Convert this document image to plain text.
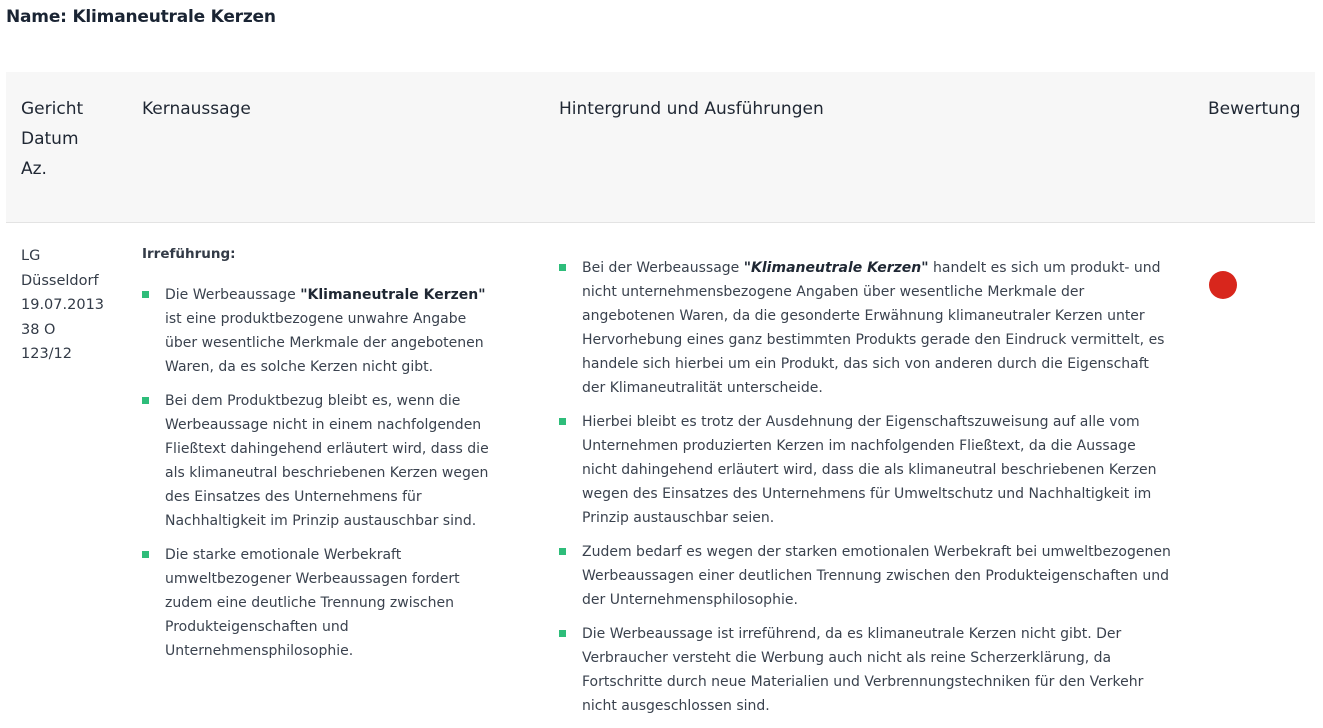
Name: Klimaneutrale Kerzen
Gericht
Datum
Az.
Kernaussage	Hintergrund und Ausführungen	Bewertung
LG
Düsseldorf
19.07.2013
38 O
123/12
Irreführung:
Die Werbeaussage "Klimaneutrale Kerzen" ist eine produktbezogene unwahre Angabe über wesentliche Merkmale der angebotenen Waren, da es solche Kerzen nicht gibt.
Bei dem Produktbezug bleibt es, wenn die Werbeaussage nicht in einem nachfolgenden Fließtext dahingehend erläutert wird, dass die als klimaneutral beschriebenen Kerzen wegen des Einsatzes des Unternehmens für Nachhaltigkeit im Prinzip austauschbar sind.
Die starke emotionale Werbekraft umweltbezogener Werbeaussagen fordert zudem eine deutliche Trennung zwischen Produkteigenschaften und Unternehmensphilosophie.
Bei der Werbeaussage "Klimaneutrale Kerzen" handelt es sich um produkt- und nicht unternehmensbezogene Angaben über wesentliche Merkmale der angebotenen Waren, da die gesonderte Erwähnung klimaneutraler Kerzen unter Hervorhebung eines ganz bestimmten Produkts gerade den Eindruck vermittelt, es handele sich hierbei um ein Produkt, das sich von anderen durch die Eigenschaft der Klimaneutralität unterscheide.
Hierbei bleibt es trotz der Ausdehnung der Eigenschaftszuweisung auf alle vom Unternehmen produzierten Kerzen im nachfolgenden Fließtext, da die Aussage nicht dahingehend erläutert wird, dass die als klimaneutral beschriebenen Kerzen wegen des Einsatzes des Unternehmens für Umweltschutz und Nachhaltigkeit im Prinzip austauschbar seien.
Zudem bedarf es wegen der starken emotionalen Werbekraft bei umweltbezogenen Werbeaussagen einer deutlichen Trennung zwischen den Produkteigenschaften und der Unternehmensphilosophie.
Die Werbeaussage ist irreführend, da es klimaneutrale Kerzen nicht gibt. Der Verbraucher versteht die Werbung auch nicht als reine Scherzerklärung, da Fortschritte durch neue Materialien und Verbrennungstechniken für den Verkehr nicht ausgeschlossen sind.
